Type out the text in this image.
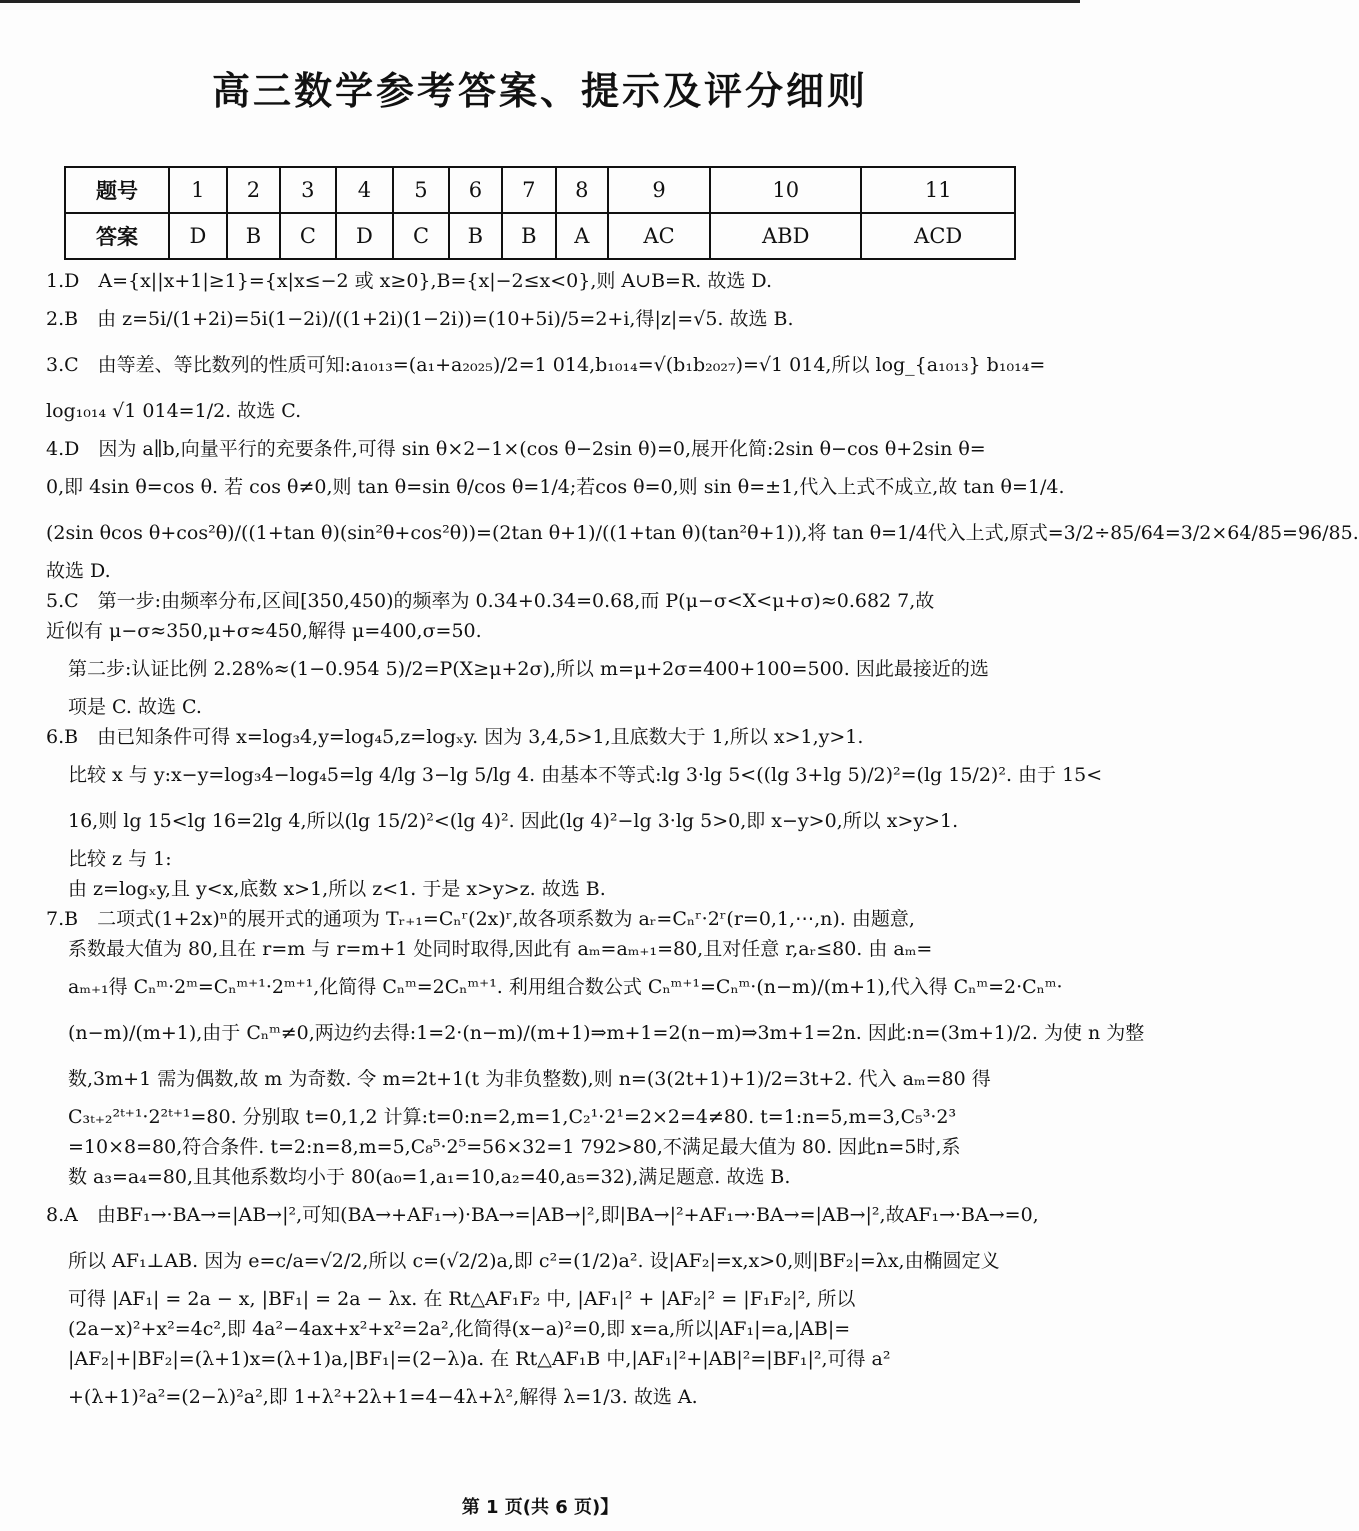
高三数学参考答案、提示及评分细则
题号	1	2	3	4	5	6	7	8	9	10	11
答案	D	B	C	D	C	B	B	A	AC	ABD	ACD
1.D　A={x||x+1|≥1}={x|x≤−2 或 x≥0},B={x|−2≤x<0},则 A∪B=R. 故选 D.
2.B　由 z=5i/(1+2i)=5i(1−2i)/((1+2i)(1−2i))=(10+5i)/5=2+i,得|z|=√5. 故选 B.
3.C　由等差、等比数列的性质可知:a₁₀₁₃=(a₁+a₂₀₂₅)/2=1 014,b₁₀₁₄=√(b₁b₂₀₂₇)=√1 014,所以 log_{a₁₀₁₃} b₁₀₁₄=
log₁₀₁₄ √1 014=1/2. 故选 C.
4.D　因为 a∥b,向量平行的充要条件,可得 sin θ×2−1×(cos θ−2sin θ)=0,展开化简:2sin θ−cos θ+2sin θ=
0,即 4sin θ=cos θ. 若 cos θ≠0,则 tan θ=sin θ/cos θ=1/4;若cos θ=0,则 sin θ=±1,代入上式不成立,故 tan θ=1/4.
(2sin θcos θ+cos²θ)/((1+tan θ)(sin²θ+cos²θ))=(2tan θ+1)/((1+tan θ)(tan²θ+1)),将 tan θ=1/4代入上式,原式=3/2÷85/64=3/2×64/85=96/85.
故选 D.
5.C　第一步:由频率分布,区间[350,450)的频率为 0.34+0.34=0.68,而 P(μ−σ<X<μ+σ)≈0.682 7,故
近似有 μ−σ≈350,μ+σ≈450,解得 μ=400,σ=50.
第二步:认证比例 2.28%≈(1−0.954 5)/2=P(X≥μ+2σ),所以 m=μ+2σ=400+100=500. 因此最接近的选
项是 C. 故选 C.
6.B　由已知条件可得 x=log₃4,y=log₄5,z=logₓy. 因为 3,4,5>1,且底数大于 1,所以 x>1,y>1.
比较 x 与 y:x−y=log₃4−log₄5=lg 4/lg 3−lg 5/lg 4. 由基本不等式:lg 3·lg 5<((lg 3+lg 5)/2)²=(lg 15/2)². 由于 15<
16,则 lg 15<lg 16=2lg 4,所以(lg 15/2)²<(lg 4)². 因此(lg 4)²−lg 3·lg 5>0,即 x−y>0,所以 x>y>1.
比较 z 与 1:
由 z=logₓy,且 y<x,底数 x>1,所以 z<1. 于是 x>y>z. 故选 B.
7.B　二项式(1+2x)ⁿ的展开式的通项为 Tᵣ₊₁=Cₙʳ(2x)ʳ,故各项系数为 aᵣ=Cₙʳ·2ʳ(r=0,1,⋯,n). 由题意,
系数最大值为 80,且在 r=m 与 r=m+1 处同时取得,因此有 aₘ=aₘ₊₁=80,且对任意 r,aᵣ≤80. 由 aₘ=
aₘ₊₁得 Cₙᵐ·2ᵐ=Cₙᵐ⁺¹·2ᵐ⁺¹,化简得 Cₙᵐ=2Cₙᵐ⁺¹. 利用组合数公式 Cₙᵐ⁺¹=Cₙᵐ·(n−m)/(m+1),代入得 Cₙᵐ=2·Cₙᵐ·
(n−m)/(m+1),由于 Cₙᵐ≠0,两边约去得:1=2·(n−m)/(m+1)⇒m+1=2(n−m)⇒3m+1=2n. 因此:n=(3m+1)/2. 为使 n 为整
数,3m+1 需为偶数,故 m 为奇数. 令 m=2t+1(t 为非负整数),则 n=(3(2t+1)+1)/2=3t+2. 代入 aₘ=80 得
C₃ₜ₊₂²ᵗ⁺¹·2²ᵗ⁺¹=80. 分别取 t=0,1,2 计算:t=0:n=2,m=1,C₂¹·2¹=2×2=4≠80. t=1:n=5,m=3,C₅³·2³
=10×8=80,符合条件. t=2:n=8,m=5,C₈⁵·2⁵=56×32=1 792>80,不满足最大值为 80. 因此n=5时,系
数 a₃=a₄=80,且其他系数均小于 80(a₀=1,a₁=10,a₂=40,a₅=32),满足题意. 故选 B.
8.A　由BF₁→·BA→=|AB→|²,可知(BA→+AF₁→)·BA→=|AB→|²,即|BA→|²+AF₁→·BA→=|AB→|²,故AF₁→·BA→=0,
所以 AF₁⊥AB. 因为 e=c/a=√2/2,所以 c=(√2/2)a,即 c²=(1/2)a². 设|AF₂|=x,x>0,则|BF₂|=λx,由椭圆定义
可得 |AF₁| = 2a − x, |BF₁| = 2a − λx. 在 Rt△AF₁F₂ 中, |AF₁|² + |AF₂|² = |F₁F₂|², 所以
(2a−x)²+x²=4c²,即 4a²−4ax+x²+x²=2a²,化简得(x−a)²=0,即 x=a,所以|AF₁|=a,|AB|=
|AF₂|+|BF₂|=(λ+1)x=(λ+1)a,|BF₁|=(2−λ)a. 在 Rt△AF₁B 中,|AF₁|²+|AB|²=|BF₁|²,可得 a²
+(λ+1)²a²=(2−λ)²a²,即 1+λ²+2λ+1=4−4λ+λ²,解得 λ=1/3. 故选 A.
第 1 页(共 6 页)】
